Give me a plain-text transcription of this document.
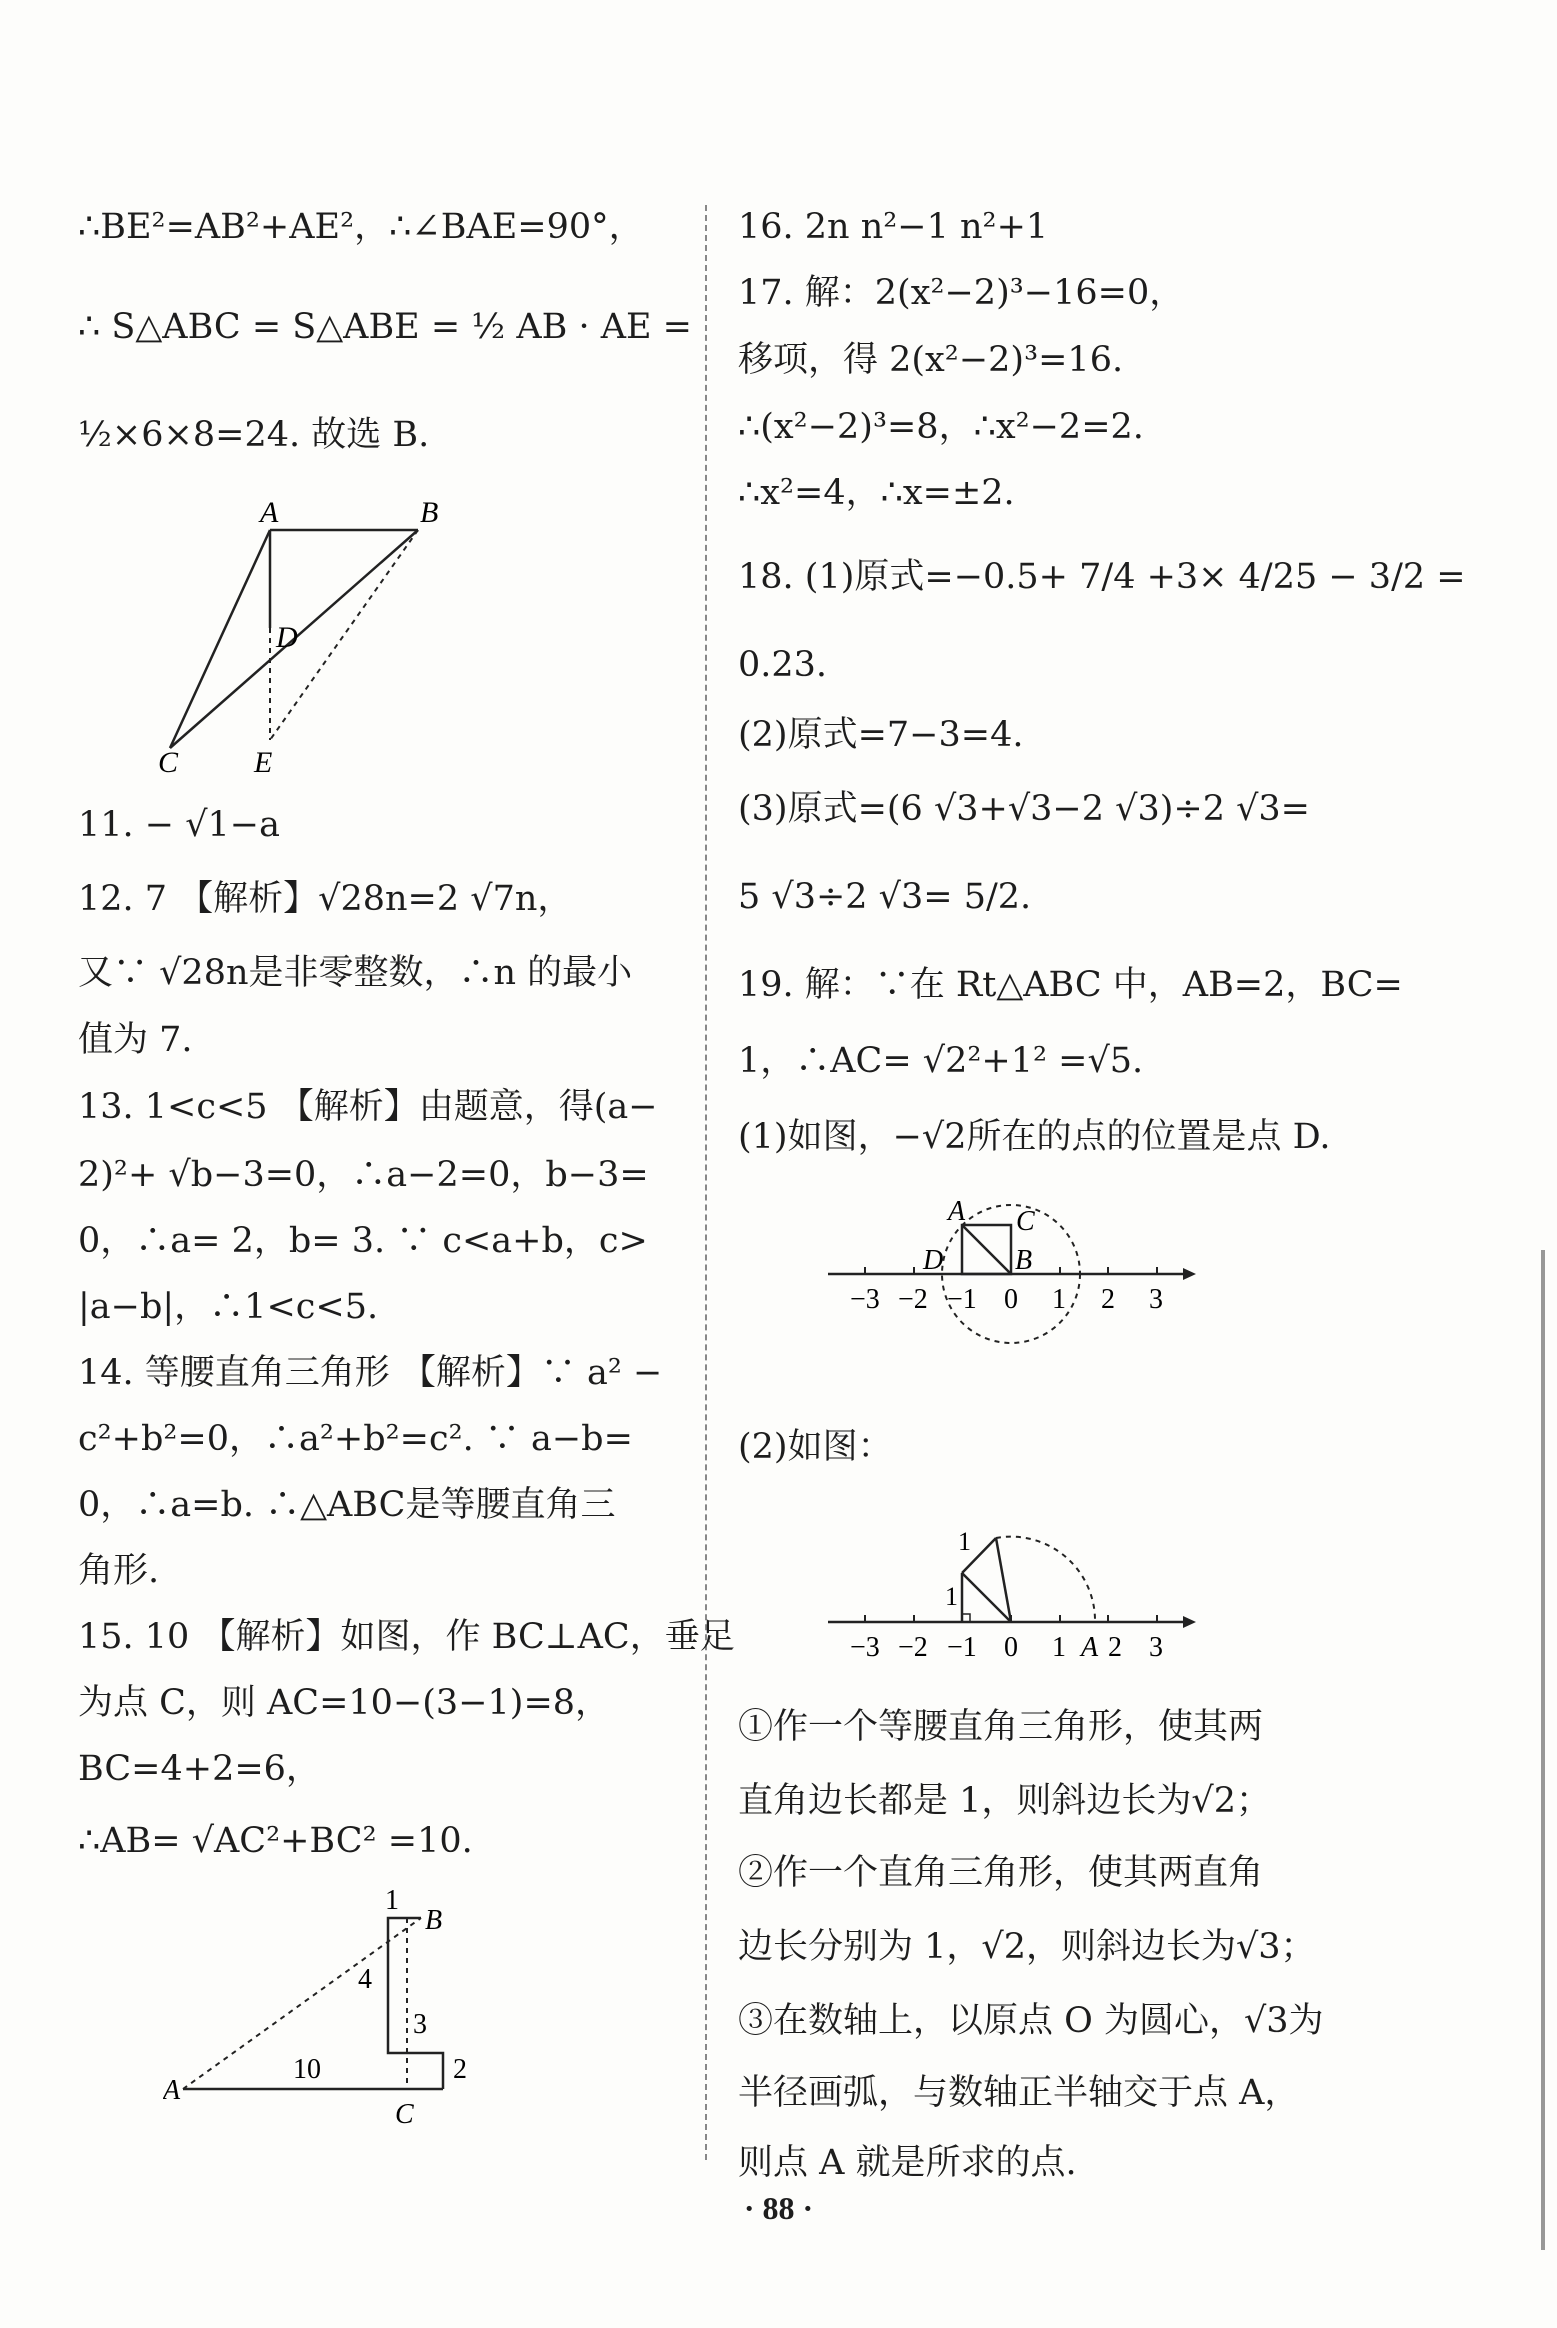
∴BE²=AB²+AE²，∴∠BAE=90°，
∴ S△ABC = S△ABE = ½ AB · AE =
½×6×8=24. 故选 B.
A	B
D
C	E
11. − √1−a
12. 7 【解析】√28n=2 √7n，
又∵ √28n是非零整数，∴n 的最小
值为 7.
13. 1<c<5 【解析】由题意，得(a−
2)²+ √b−3=0，∴a−2=0，b−3=
0，∴a= 2，b= 3. ∵ c<a+b，c>
|a−b|，∴1<c<5.
14. 等腰直角三角形 【解析】∵ a² −
c²+b²=0，∴a²+b²=c². ∵ a−b=
0，∴a=b. ∴△ABC是等腰直角三
角形.
15. 10 【解析】如图，作 BC⊥AC，垂足
为点 C，则 AC=10−(3−1)=8，
BC=4+2=6，
∴AB= √AC²+BC² =10.
1
B
4
3
2
10
A
C
16. 2n n²−1 n²+1
17. 解：2(x²−2)³−16=0，
移项，得 2(x²−2)³=16.
∴(x²−2)³=8，∴x²−2=2.
∴x²=4，∴x=±2.
18. (1)原式=−0.5+ 7/4 +3× 4/25 − 3/2 =
0.23.
(2)原式=7−3=4.
(3)原式=(6 √3+√3−2 √3)÷2 √3=
5 √3÷2 √3= 5/2.
19. 解：∵在 Rt△ABC 中，AB=2，BC=
1，∴AC= √2²+1² =√5.
(1)如图，−√2所在的点的位置是点 D.
A C
D	B
−3 −2 −1 0 1 2 3
(2)如图：
1
1
−3 −2 −1 0 1 A 2 3
①作一个等腰直角三角形，使其两
直角边长都是 1，则斜边长为√2；
②作一个直角三角形，使其两直角
边长分别为 1，√2，则斜边长为√3；
③在数轴上，以原点 O 为圆心，√3为
半径画弧，与数轴正半轴交于点 A，
则点 A 就是所求的点.
· 88 ·
